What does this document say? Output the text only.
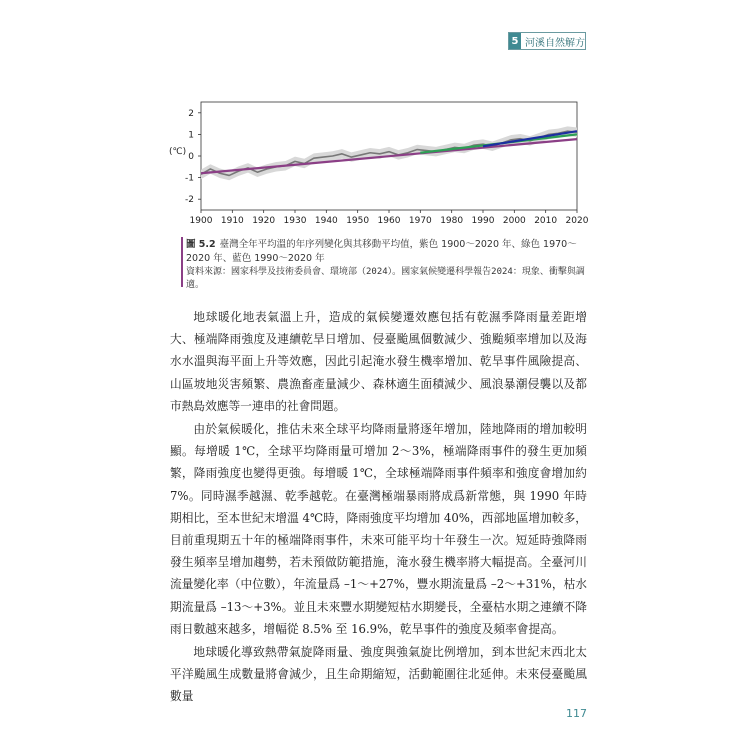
5 河溪自然解方
1900 1910 1920 1930 1940 1950 1960 1970 1980 1990 2000 2010 2020
2
1
0
-1
-2
(℃)
圖 5.2 臺灣全年平均溫的年序列變化與其移動平均值，紫色 1900〜2020 年、綠色 1970〜2020 年、藍色 1990〜2020 年
資料來源：國家科學及技術委員會、環境部（2024）。國家氣候變遷科學報告2024：現象、衝擊與調適。

地球暖化地表氣溫上升，造成的氣候變遷效應包括有乾濕季降雨量差距增大、極端降雨強度及連續乾旱日增加、侵臺颱風個數減少、強颱頻率增加以及海水水溫與海平面上升等效應，因此引起淹水發生機率增加、乾旱事件風險提高、山區坡地災害頻繁、農漁畜產量減少、森林適生面積減少、風浪暴潮侵襲以及都市熱島效應等一連串的社會問題。

由於氣候暖化，推估未來全球平均降雨量將逐年增加，陸地降雨的增加較明顯。每增暖 1℃，全球平均降雨量可增加 2〜3%，極端降雨事件的發生更加頻繁，降雨強度也變得更強。每增暖 1℃，全球極端降雨事件頻率和強度會增加約 7%。同時濕季越濕、乾季越乾。在臺灣極端暴雨將成爲新常態，與 1990 年時期相比，至本世紀末增溫 4℃時，降雨強度平均增加 40%，西部地區增加較多，目前重現期五十年的極端降雨事件，未來可能平均十年發生一次。短延時強降雨發生頻率呈增加趨勢，若未預做防範措施，淹水發生機率將大幅提高。全臺河川流量變化率（中位數），年流量爲 –1〜+27%，豐水期流量爲 –2〜+31%，枯水期流量爲 –13〜+3%。並且未來豐水期變短枯水期變長，全臺枯水期之連續不降雨日數越來越多，增幅從 8.5% 至 16.9%，乾旱事件的強度及頻率會提高。

地球暖化導致熱帶氣旋降雨量、強度與強氣旋比例增加，到本世紀末西北太平洋颱風生成數量將會減少，且生命期縮短，活動範圍往北延伸。未來侵臺颱風數量

117
